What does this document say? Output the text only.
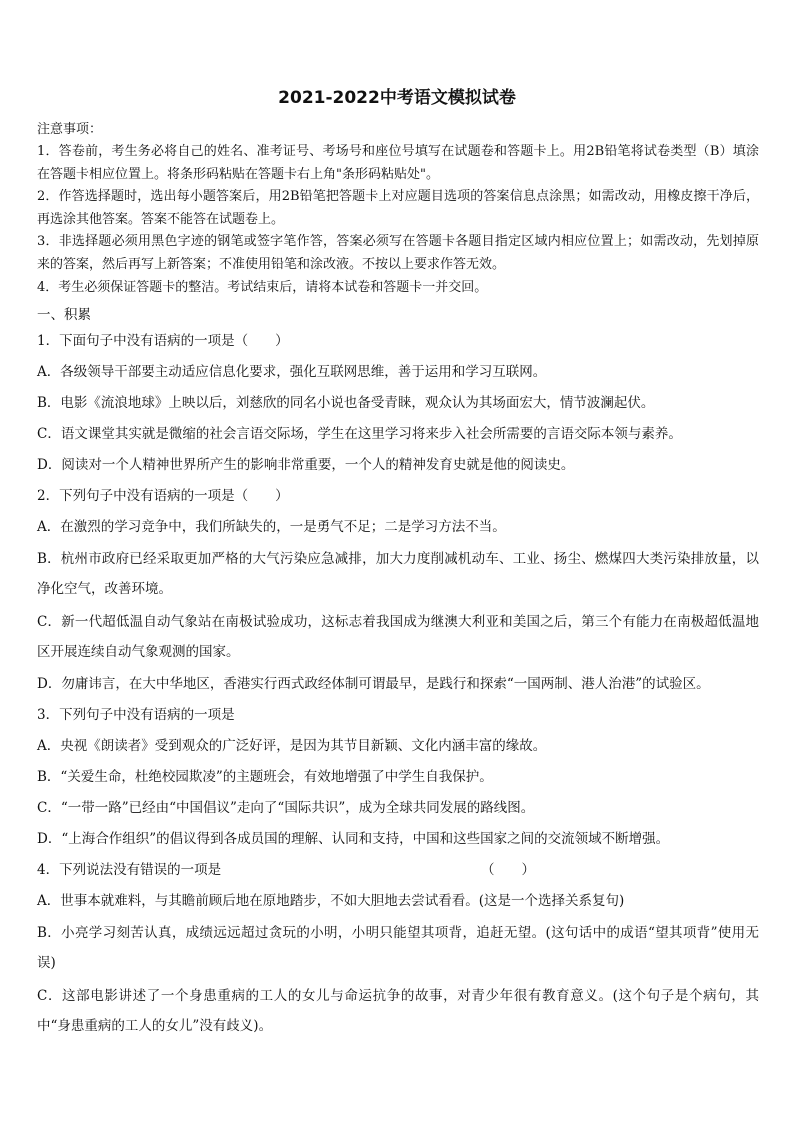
2021-2022中考语文模拟试卷
注意事项：
1．答卷前，考生务必将自己的姓名、准考证号、考场号和座位号填写在试题卷和答题卡上。用2B铅笔将试卷类型（B）填涂在答题卡相应位置上。将条形码粘贴在答题卡右上角"条形码粘贴处"。
2．作答选择题时，选出每小题答案后，用2B铅笔把答题卡上对应题目选项的答案信息点涂黑；如需改动，用橡皮擦干净后，再选涂其他答案。答案不能答在试题卷上。
3．非选择题必须用黑色字迹的钢笔或签字笔作答，答案必须写在答题卡各题目指定区域内相应位置上；如需改动，先划掉原来的答案，然后再写上新答案；不准使用铅笔和涂改液。不按以上要求作答无效。
4．考生必须保证答题卡的整洁。考试结束后，请将本试卷和答题卡一并交回。
一、积累
1．下面句子中没有语病的一项是（　　）
A．各级领导干部要主动适应信息化要求，强化互联网思维，善于运用和学习互联网。
B．电影《流浪地球》上映以后，刘慈欣的同名小说也备受青睐，观众认为其场面宏大，情节波澜起伏。
C．语文课堂其实就是微缩的社会言语交际场，学生在这里学习将来步入社会所需要的言语交际本领与素养。
D．阅读对一个人精神世界所产生的影响非常重要，一个人的精神发育史就是他的阅读史。
2．下列句子中没有语病的一项是（　　）
A．在激烈的学习竞争中，我们所缺失的，一是勇气不足；二是学习方法不当。
B．杭州市政府已经采取更加严格的大气污染应急减排，加大力度削减机动车、工业、扬尘、燃煤四大类污染排放量，以净化空气，改善环境。
C．新一代超低温自动气象站在南极试验成功，这标志着我国成为继澳大利亚和美国之后，第三个有能力在南极超低温地区开展连续自动气象观测的国家。
D．勿庸讳言，在大中华地区，香港实行西式政经体制可谓最早，是践行和探索“一国两制、港人治港”的试验区。
3．下列句子中没有语病的一项是
A．央视《朗读者》受到观众的广泛好评，是因为其节目新颖、文化内涵丰富的缘故。
B．“关爱生命，杜绝校园欺凌”的主题班会，有效地增强了中学生自我保护。
C．“一带一路”已经由“中国倡议”走向了“国际共识”，成为全球共同发展的路线图。
D．“上海合作组织”的倡议得到各成员国的理解、认同和支持，中国和这些国家之间的交流领域不断增强。
4．下列说法没有错误的一项是	（　　）
A．世事本就难料，与其瞻前顾后地在原地踏步，不如大胆地去尝试看看。(这是一个选择关系复句)
B．小亮学习刻苦认真，成绩远远超过贪玩的小明，小明只能望其项背，追赶无望。(这句话中的成语“望其项背”使用无误)
C．这部电影讲述了一个身患重病的工人的女儿与命运抗争的故事，对青少年很有教育意义。(这个句子是个病句，其中“身患重病的工人的女儿”没有歧义)。
